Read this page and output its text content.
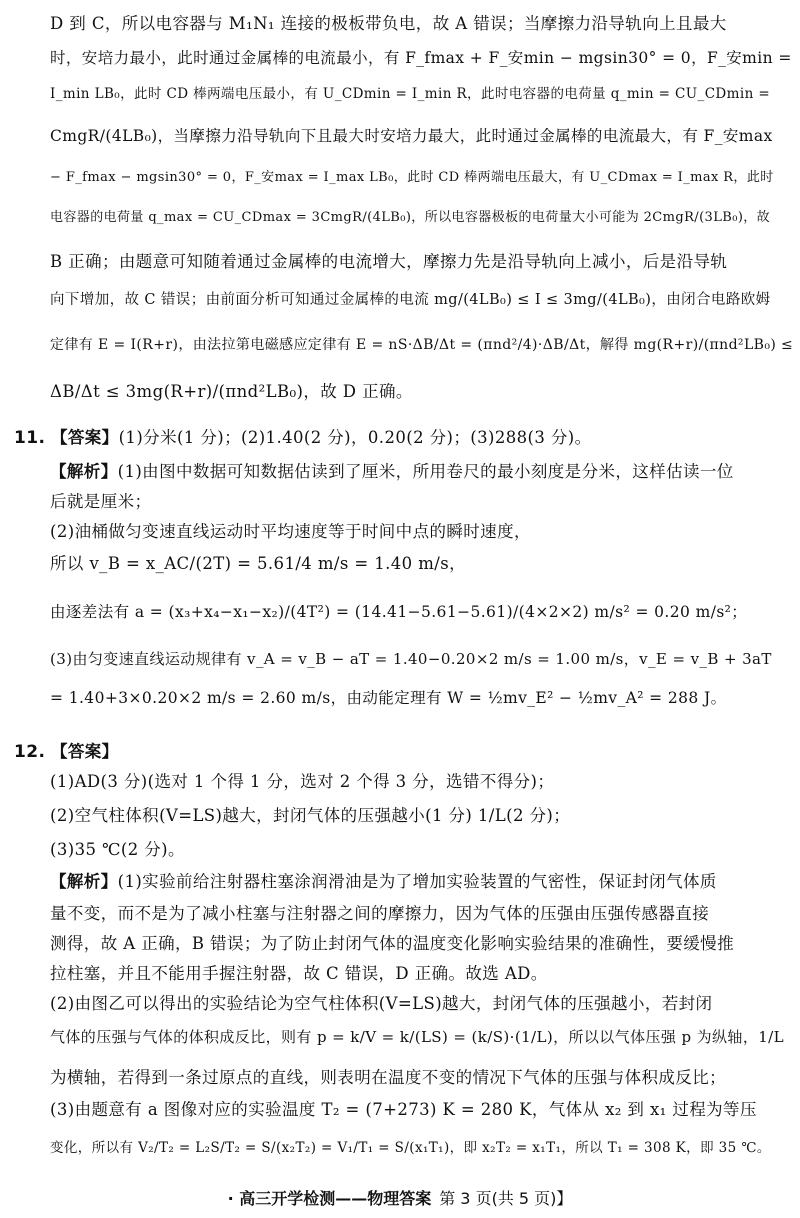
D 到 C，所以电容器与 M₁N₁ 连接的极板带负电，故 A 错误；当摩擦力沿导轨向上且最大
时，安培力最小，此时通过金属棒的电流最小，有 F_fmax + F_安min − mgsin30° = 0，F_安min =
I_min LB₀，此时 CD 棒两端电压最小，有 U_CDmin = I_min R，此时电容器的电荷量 q_min = CU_CDmin =
CmgR/(4LB₀)，当摩擦力沿导轨向下且最大时安培力最大，此时通过金属棒的电流最大，有 F_安max
− F_fmax − mgsin30° = 0，F_安max = I_max LB₀，此时 CD 棒两端电压最大，有 U_CDmax = I_max R，此时
电容器的电荷量 q_max = CU_CDmax = 3CmgR/(4LB₀)，所以电容器极板的电荷量大小可能为 2CmgR/(3LB₀)，故
B 正确；由题意可知随着通过金属棒的电流增大，摩擦力先是沿导轨向上减小，后是沿导轨
向下增加，故 C 错误；由前面分析可知通过金属棒的电流 mg/(4LB₀) ≤ I ≤ 3mg/(4LB₀)，由闭合电路欧姆
定律有 E = I(R+r)，由法拉第电磁感应定律有 E = nS·ΔB/Δt = (πnd²/4)·ΔB/Δt，解得 mg(R+r)/(πnd²LB₀) ≤
ΔB/Δt ≤ 3mg(R+r)/(πnd²LB₀)，故 D 正确。
11. 【答案】(1)分米(1 分)；(2)1.40(2 分)，0.20(2 分)；(3)288(3 分)。
【解析】(1)由图中数据可知数据估读到了厘米，所用卷尺的最小刻度是分米，这样估读一位
后就是厘米；
(2)油桶做匀变速直线运动时平均速度等于时间中点的瞬时速度，
所以 v_B = x_AC/(2T) = 5.61/4 m/s = 1.40 m/s，
由逐差法有 a = (x₃+x₄−x₁−x₂)/(4T²) = (14.41−5.61−5.61)/(4×2×2) m/s² = 0.20 m/s²；
(3)由匀变速直线运动规律有 v_A = v_B − aT = 1.40−0.20×2 m/s = 1.00 m/s，v_E = v_B + 3aT
= 1.40+3×0.20×2 m/s = 2.60 m/s，由动能定理有 W = ½mv_E² − ½mv_A² = 288 J。
12. 【答案】
(1)AD(3 分)(选对 1 个得 1 分，选对 2 个得 3 分，选错不得分)；
(2)空气柱体积(V=LS)越大，封闭气体的压强越小(1 分) 1/L(2 分)；
(3)35 ℃(2 分)。
【解析】(1)实验前给注射器柱塞涂润滑油是为了增加实验装置的气密性，保证封闭气体质
量不变，而不是为了减小柱塞与注射器之间的摩擦力，因为气体的压强由压强传感器直接
测得，故 A 正确，B 错误；为了防止封闭气体的温度变化影响实验结果的准确性，要缓慢推
拉柱塞，并且不能用手握注射器，故 C 错误，D 正确。故选 AD。
(2)由图乙可以得出的实验结论为空气柱体积(V=LS)越大，封闭气体的压强越小，若封闭
气体的压强与气体的体积成反比，则有 p = k/V = k/(LS) = (k/S)·(1/L)，所以以气体压强 p 为纵轴，1/L
为横轴，若得到一条过原点的直线，则表明在温度不变的情况下气体的压强与体积成反比；
(3)由题意有 a 图像对应的实验温度 T₂ = (7+273) K = 280 K，气体从 x₂ 到 x₁ 过程为等压
变化，所以有 V₂/T₂ = L₂S/T₂ = S/(x₂T₂) = V₁/T₁ = S/(x₁T₁)，即 x₂T₂ = x₁T₁，所以 T₁ = 308 K，即 35 ℃。
· 高三开学检测——物理答案 第 3 页(共 5 页)】
